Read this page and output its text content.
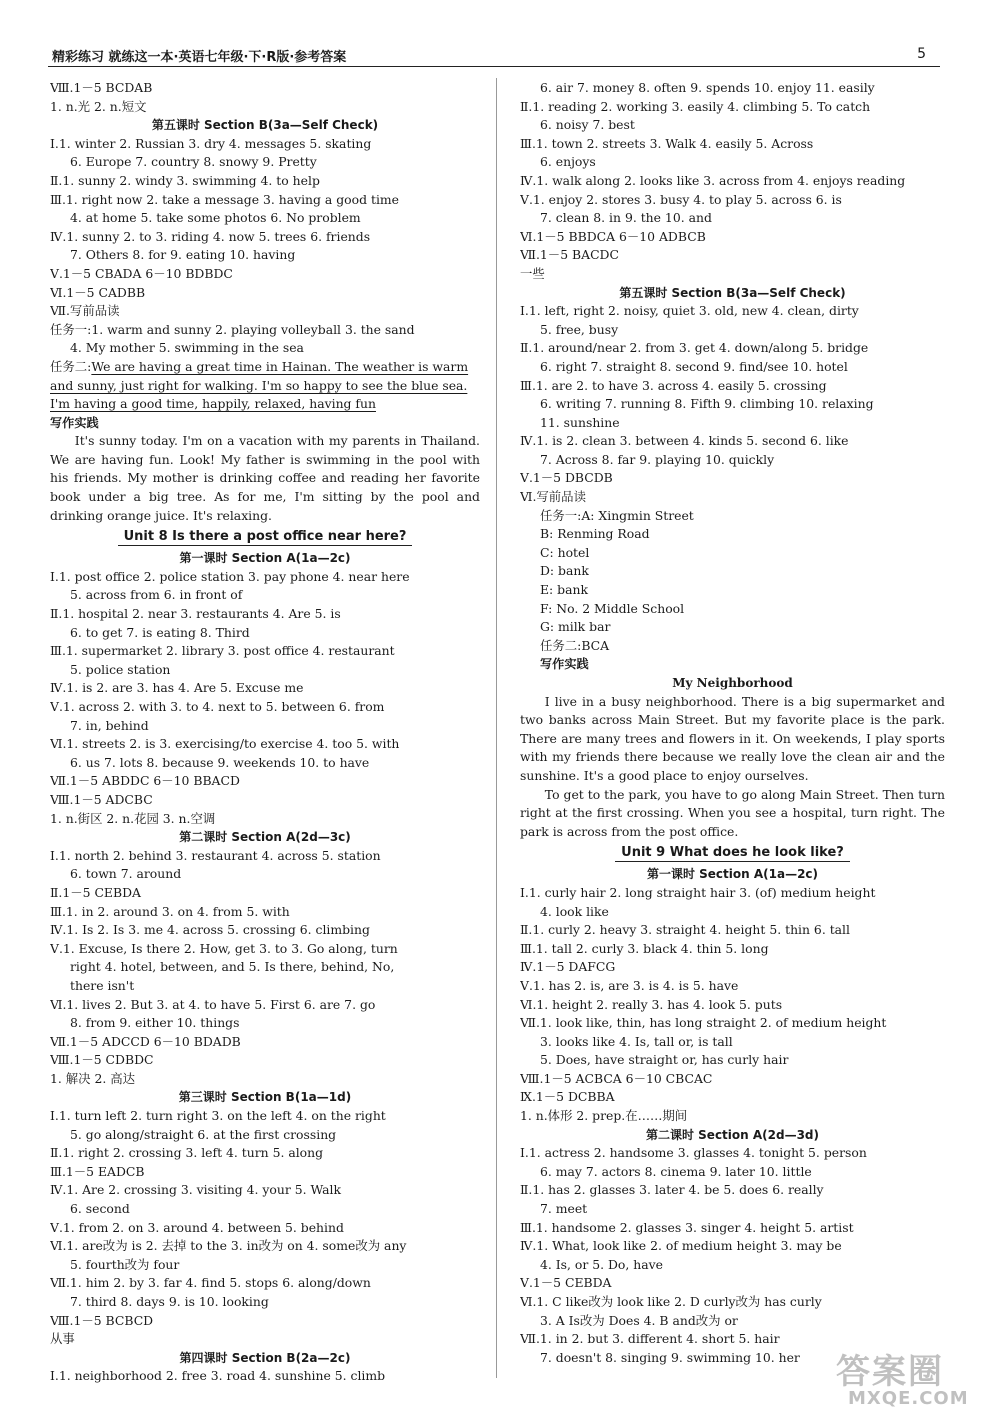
精彩练习 就练这一本·英语七年级·下·R版·参考答案	5
Ⅷ.1－5 BCDAB
1. n.光 2. n.短文
第五课时 Section B(3a—Self Check)
Ⅰ.1. winter 2. Russian 3. dry 4. messages 5. skating
6. Europe 7. country 8. snowy 9. Pretty
Ⅱ.1. sunny 2. windy 3. swimming 4. to help
Ⅲ.1. right now 2. take a message 3. having a good time
4. at home 5. take some photos 6. No problem
Ⅳ.1. sunny 2. to 3. riding 4. now 5. trees 6. friends
7. Others 8. for 9. eating 10. having
Ⅴ.1－5 CBADA 6－10 BDBDC
Ⅵ.1－5 CADBB
Ⅶ.写前品读
任务一:1. warm and sunny 2. playing volleyball 3. the sand
4. My mother 5. swimming in the sea
任务二:We are having a great time in Hainan. The weather is warm and sunny, just right for walking. I'm so happy to see the blue sea. I'm having a good time, happily, relaxed, having fun
写作实践
It's sunny today. I'm on a vacation with my parents in Thailand. We are having fun. Look! My father is swimming in the pool with his friends. My mother is drinking coffee and reading her favorite book under a big tree. As for me, I'm sitting by the pool and drinking orange juice. It's relaxing.
Unit 8 Is there a post office near here?
第一课时 Section A(1a—2c)
Ⅰ.1. post office 2. police station 3. pay phone 4. near here
5. across from 6. in front of
Ⅱ.1. hospital 2. near 3. restaurants 4. Are 5. is
6. to get 7. is eating 8. Third
Ⅲ.1. supermarket 2. library 3. post office 4. restaurant
5. police station
Ⅳ.1. is 2. are 3. has 4. Are 5. Excuse me
Ⅴ.1. across 2. with 3. to 4. next to 5. between 6. from
7. in, behind
Ⅵ.1. streets 2. is 3. exercising/to exercise 4. too 5. with
6. us 7. lots 8. because 9. weekends 10. to have
Ⅶ.1－5 ABDDC 6－10 BBACD
Ⅷ.1－5 ADCBC
1. n.街区 2. n.花园 3. n.空调
第二课时 Section A(2d—3c)
Ⅰ.1. north 2. behind 3. restaurant 4. across 5. station
6. town 7. around
Ⅱ.1－5 CEBDA
Ⅲ.1. in 2. around 3. on 4. from 5. with
Ⅳ.1. Is 2. Is 3. me 4. across 5. crossing 6. climbing
Ⅴ.1. Excuse, Is there 2. How, get 3. to 3. Go along, turn
right 4. hotel, between, and 5. Is there, behind, No,
there isn't
Ⅵ.1. lives 2. But 3. at 4. to have 5. First 6. are 7. go
8. from 9. either 10. things
Ⅶ.1－5 ADCCD 6－10 BDADB
Ⅷ.1－5 CDBDC
1. 解决 2. 高达
第三课时 Section B(1a—1d)
Ⅰ.1. turn left 2. turn right 3. on the left 4. on the right
5. go along/straight 6. at the first crossing
Ⅱ.1. right 2. crossing 3. left 4. turn 5. along
Ⅲ.1－5 EADCB
Ⅳ.1. Are 2. crossing 3. visiting 4. your 5. Walk
6. second
Ⅴ.1. from 2. on 3. around 4. between 5. behind
Ⅵ.1. are改为 is 2. 去掉 to the 3. in改为 on 4. some改为 any
5. fourth改为 four
Ⅶ.1. him 2. by 3. far 4. find 5. stops 6. along/down
7. third 8. days 9. is 10. looking
Ⅷ.1－5 BCBCD
从事
第四课时 Section B(2a—2c)
Ⅰ.1. neighborhood 2. free 3. road 4. sunshine 5. climb
6. air 7. money 8. often 9. spends 10. enjoy 11. easily
Ⅱ.1. reading 2. working 3. easily 4. climbing 5. To catch
6. noisy 7. best
Ⅲ.1. town 2. streets 3. Walk 4. easily 5. Across
6. enjoys
Ⅳ.1. walk along 2. looks like 3. across from 4. enjoys reading
Ⅴ.1. enjoy 2. stores 3. busy 4. to play 5. across 6. is
7. clean 8. in 9. the 10. and
Ⅵ.1－5 BBDCA 6－10 ADBCB
Ⅶ.1－5 BACDC
一些
第五课时 Section B(3a—Self Check)
Ⅰ.1. left, right 2. noisy, quiet 3. old, new 4. clean, dirty
5. free, busy
Ⅱ.1. around/near 2. from 3. get 4. down/along 5. bridge
6. right 7. straight 8. second 9. find/see 10. hotel
Ⅲ.1. are 2. to have 3. across 4. easily 5. crossing
6. writing 7. running 8. Fifth 9. climbing 10. relaxing
11. sunshine
Ⅳ.1. is 2. clean 3. between 4. kinds 5. second 6. like
7. Across 8. far 9. playing 10. quickly
Ⅴ.1－5 DBCDB
Ⅵ.写前品读
任务一:A: Xingmin Street
B: Renming Road
C: hotel
D: bank
E: bank
F: No. 2 Middle School
G: milk bar
任务二:BCA
写作实践
My Neighborhood
I live in a busy neighborhood. There is a big supermarket and two banks across Main Street. But my favorite place is the park. There are many trees and flowers in it. On weekends, I play sports with my friends there because we really love the clean air and the sunshine. It's a good place to enjoy ourselves.
To get to the park, you have to go along Main Street. Then turn right at the first crossing. When you see a hospital, turn right. The park is across from the post office.
Unit 9 What does he look like?
第一课时 Section A(1a—2c)
Ⅰ.1. curly hair 2. long straight hair 3. (of) medium height
4. look like
Ⅱ.1. curly 2. heavy 3. straight 4. height 5. thin 6. tall
Ⅲ.1. tall 2. curly 3. black 4. thin 5. long
Ⅳ.1－5 DAFCG
Ⅴ.1. has 2. is, are 3. is 4. is 5. have
Ⅵ.1. height 2. really 3. has 4. look 5. puts
Ⅶ.1. look like, thin, has long straight 2. of medium height
3. looks like 4. Is, tall or, is tall
5. Does, have straight or, has curly hair
Ⅷ.1－5 ACBCA 6－10 CBCAC
Ⅸ.1－5 DCBBA
1. n.体形 2. prep.在……期间
第二课时 Section A(2d—3d)
Ⅰ.1. actress 2. handsome 3. glasses 4. tonight 5. person
6. may 7. actors 8. cinema 9. later 10. little
Ⅱ.1. has 2. glasses 3. later 4. be 5. does 6. really
7. meet
Ⅲ.1. handsome 2. glasses 3. singer 4. height 5. artist
Ⅳ.1. What, look like 2. of medium height 3. may be
4. Is, or 5. Do, have
Ⅴ.1－5 CEBDA
Ⅵ.1. C like改为 look like 2. D curly改为 has curly
3. A Is改为 Does 4. B and改为 or
Ⅶ.1. in 2. but 3. different 4. short 5. hair
7. doesn't 8. singing 9. swimming 10. her	答案圈
MXQE.COM
